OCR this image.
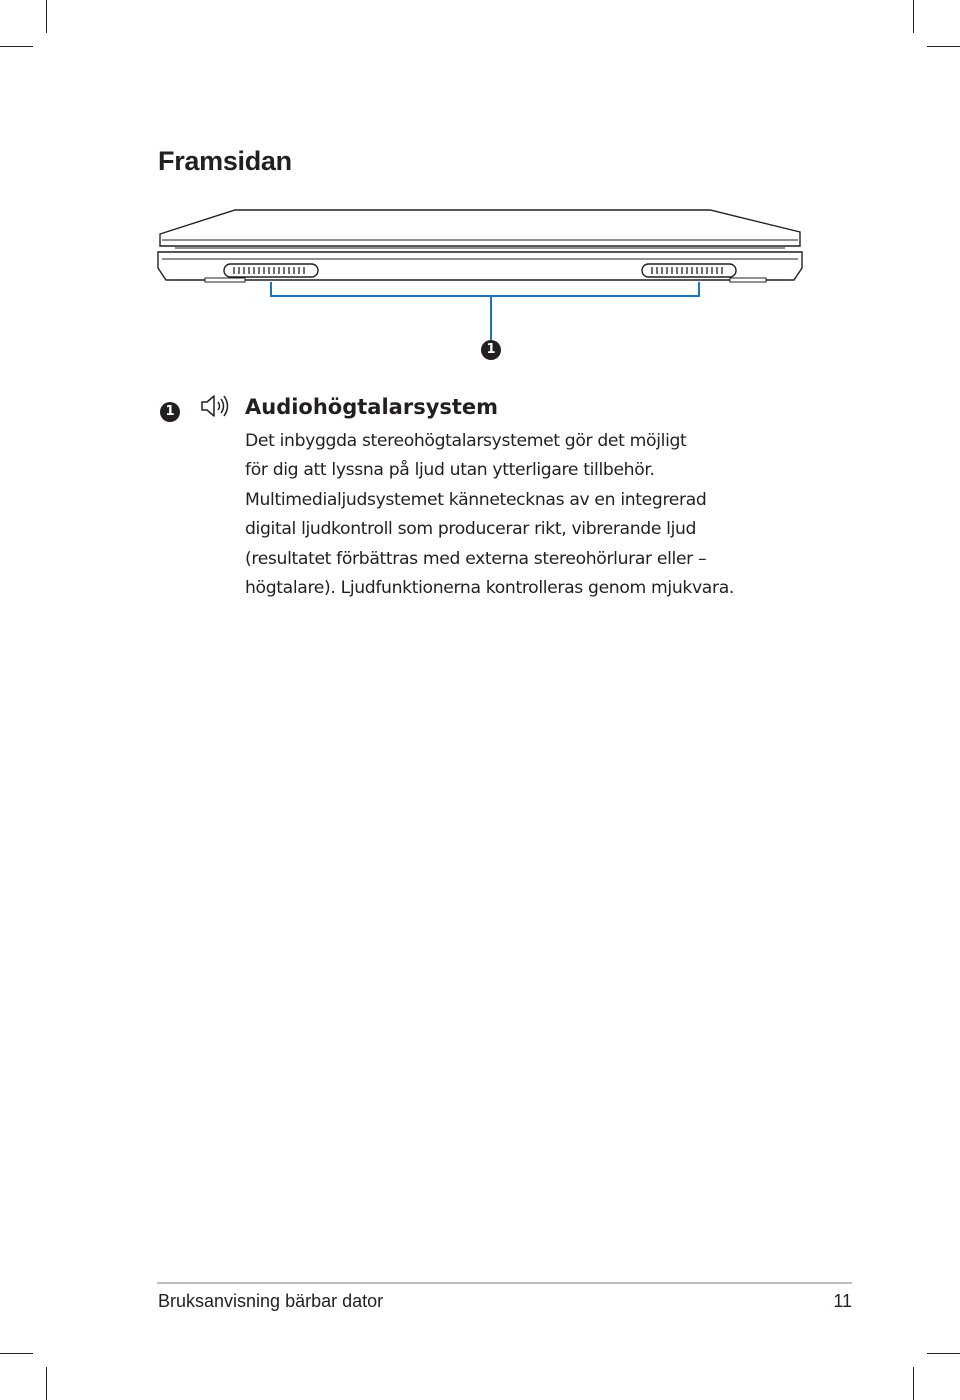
Framsidan
1
1	Audiohögtalarsystem

Det inbyggda stereohögtalarsystemet gör det möjligt
för dig att lyssna på ljud utan ytterligare tillbehör.
Multimedialjudsystemet kännetecknas av en integrerad
digital ljudkontroll som producerar rikt, vibrerande ljud
(resultatet förbättras med externa stereohörlurar eller –
högtalare). Ljudfunktionerna kontrolleras genom mjukvara.

Bruksanvisning bärbar dator	11
